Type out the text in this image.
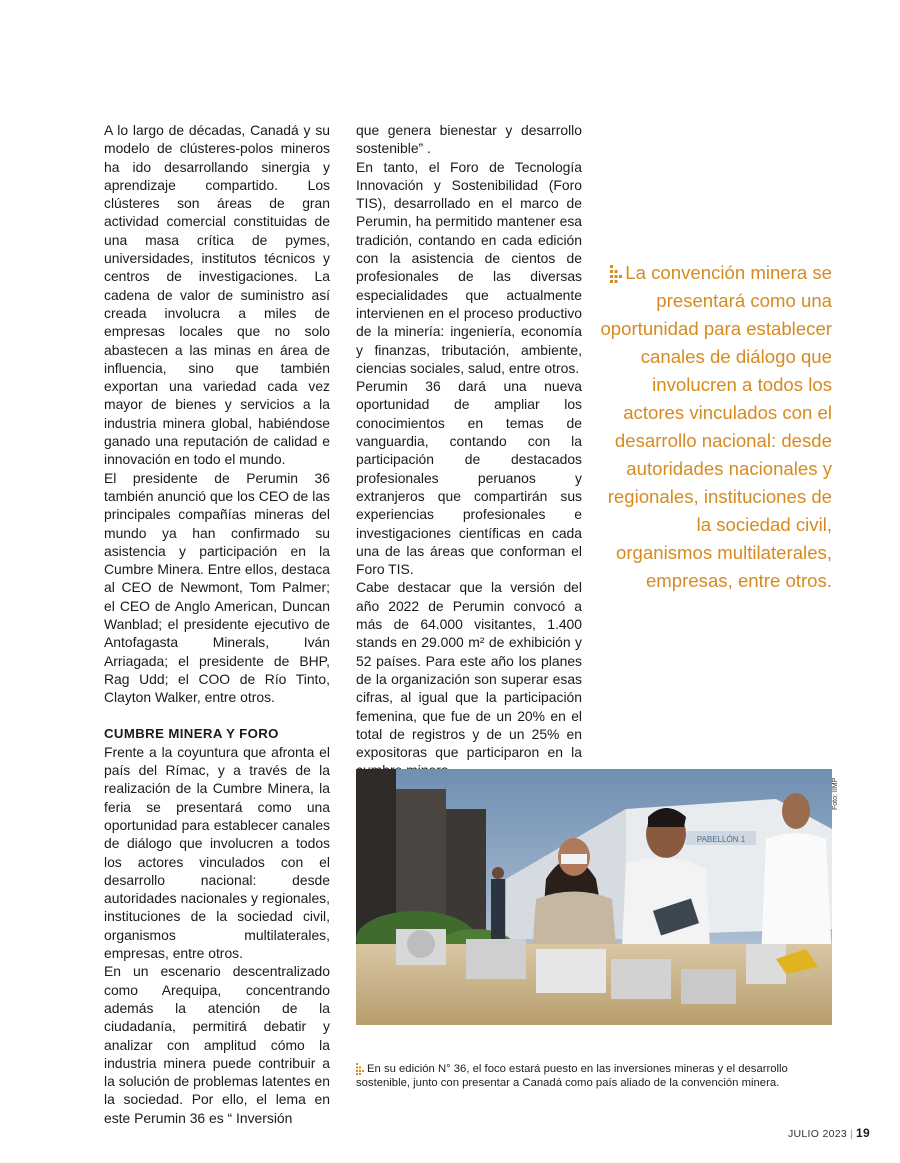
A lo largo de décadas, Canadá y su modelo de clústeres-polos mineros ha ido desarrollando sinergia y aprendizaje compartido. Los clústeres son áreas de gran actividad comercial constituidas de una masa crítica de pymes, universidades, institutos técnicos y centros de investigaciones. La cadena de valor de suministro así creada involucra a miles de empresas locales que no solo abastecen a las minas en área de influencia, sino que también exportan una variedad cada vez mayor de bienes y servicios a la industria minera global, habiéndose ganado una reputación de calidad e innovación en todo el mundo.

El presidente de Perumin 36 también anunció que los CEO de las principales compañías mineras del mundo ya han confirmado su asistencia y participación en la Cumbre Minera. Entre ellos, destaca al CEO de Newmont, Tom Palmer; el CEO de Anglo American, Duncan Wanblad; el presidente ejecutivo de Antofagasta Minerals, Iván Arriagada; el presidente de BHP, Rag Udd; el COO de Río Tinto, Clayton Walker, entre otros.

CUMBRE MINERA Y FORO

Frente a la coyuntura que afronta el país del Rímac, y a través de la realización de la Cumbre Minera, la feria se presentará como una oportunidad para establecer canales de diálogo que involucren a todos los actores vinculados con el desarrollo nacional: desde autoridades nacionales y regionales, instituciones de la sociedad civil, organismos multilaterales, empresas, entre otros.

En un escenario descentralizado como Arequipa, concentrando además la atención de la ciudadanía, permitirá debatir y analizar con amplitud cómo la industria minera puede contribuir a la solución de problemas latentes en la sociedad. Por ello, el lema en este Perumin 36 es “ Inversión

que genera bienestar y desarrollo sostenible” .

En tanto, el Foro de Tecnología Innovación y Sostenibilidad (Foro TIS), desarrollado en el marco de Perumin, ha permitido mantener esa tradición, contando en cada edición con la asistencia de cientos de profesionales de las diversas especialidades que actualmente intervienen en el proceso productivo de la minería: ingeniería, economía y finanzas, tributación, ambiente, ciencias sociales, salud, entre otros.

Perumin 36 dará una nueva oportunidad de ampliar los conocimientos en temas de vanguardia, contando con la participación de destacados profesionales peruanos y extranjeros que compartirán sus experiencias profesionales e investigaciones científicas en cada una de las áreas que conforman el Foro TIS.

Cabe destacar que la versión del año 2022 de Perumin convocó a más de 64.000 visitantes, 1.400 stands en 29.000 m² de exhibición y 52 países. Para este año los planes de la organización son superar esas cifras, al igual que la participación femenina, que fue de un 20% en el total de registros y de un 25% en expositoras que participaron en la

La convención minera se presentará como una oportunidad para establecer canales de diálogo que involucren a todos los actores vinculados con el desarrollo nacional: desde autoridades nacionales y regionales, instituciones de la sociedad civil, organismos multilaterales, empresas, entre otros.
PABELLÓN 1
Foto: IIMP
En su edición N° 36, el foco estará puesto en las inversiones mineras y el desarrollo sostenible, junto con presentar a Canadá como país aliado de la convención minera.
JULIO 2023 | 19
